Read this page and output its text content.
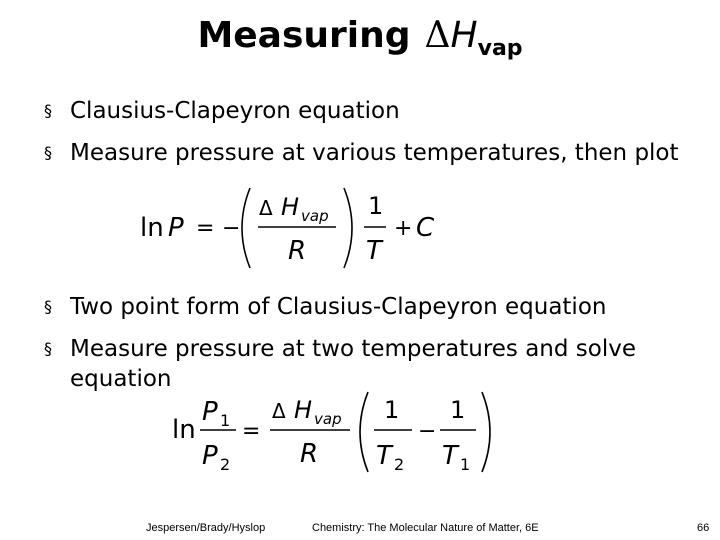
Measuring $\Delta H_{vap}$
§ Clausius-Clapeyron equation
§ Measure pressure at various temperatures, then plot
ln P = −
Δ H vap
R
1
T
+ C
§ Two point form of Clausius-Clapeyron equation
§ Measure pressure at two temperatures and solve equation
ln
P 1
P 2
=
Δ H vap
R
1
T 2
−
1
T 1
Jespersen/Brady/Hyslop	Chemistry: The Molecular Nature of Matter, 6E	66
